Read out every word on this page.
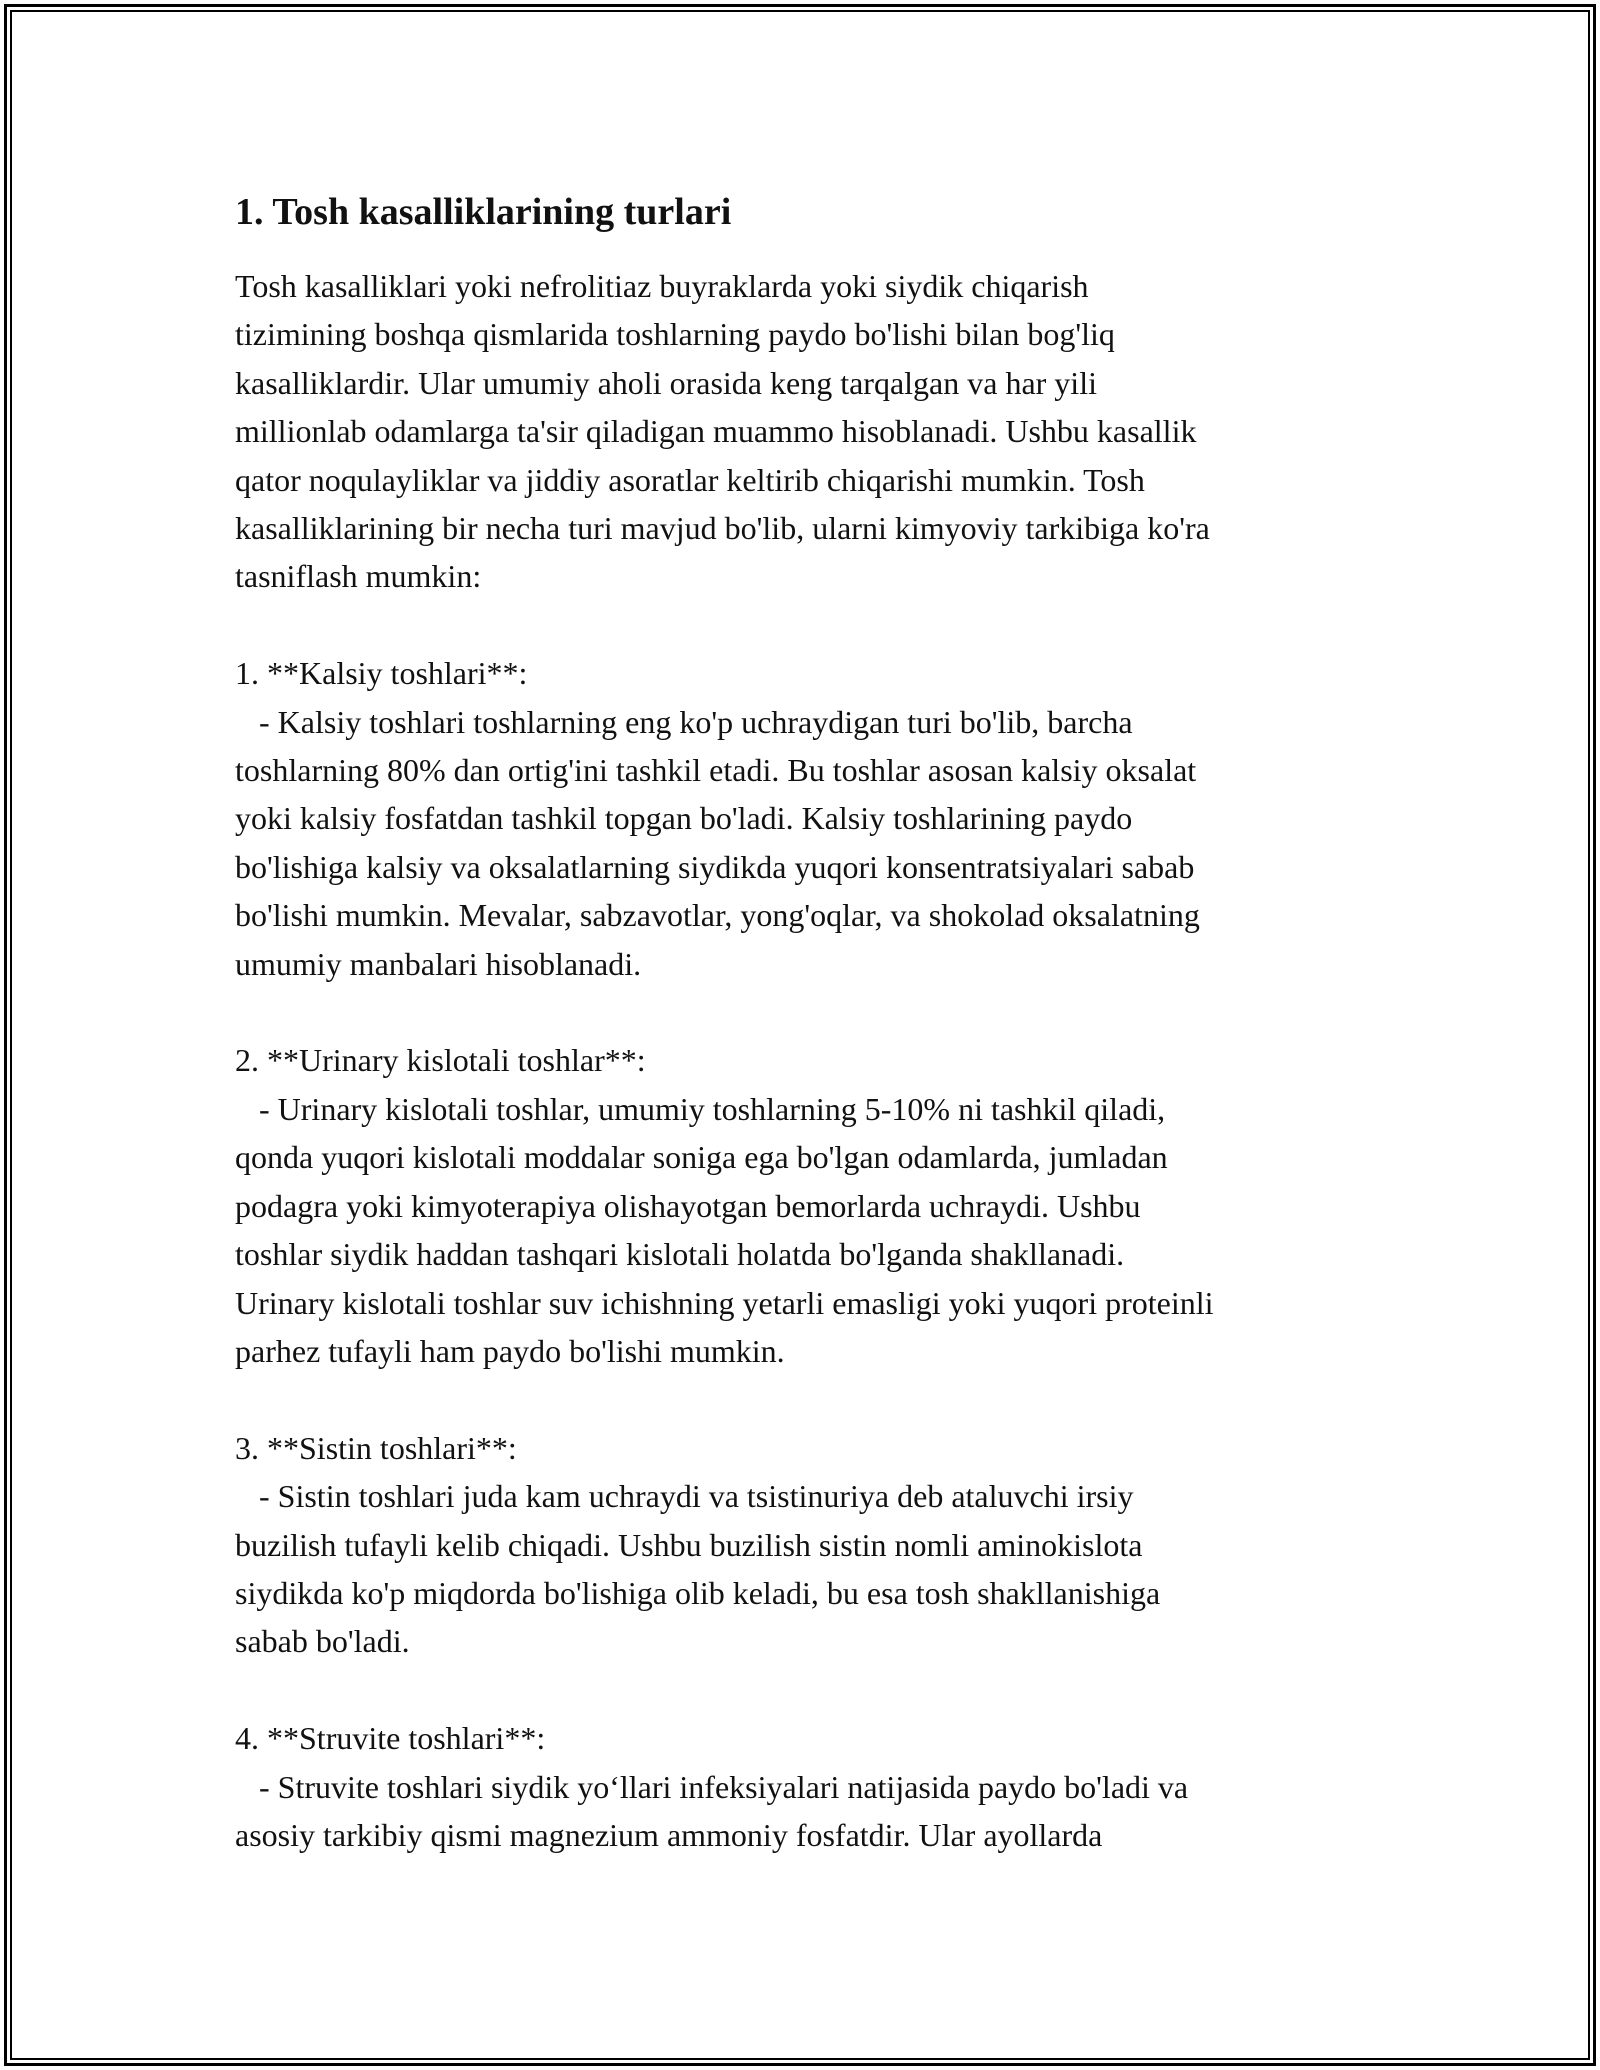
1. Tosh kasalliklarining turlari

Tosh kasalliklari yoki nefrolitiaz buyraklarda yoki siydik chiqarish
tizimining boshqa qismlarida toshlarning paydo bo'lishi bilan bog'liq
kasalliklardir. Ular umumiy aholi orasida keng tarqalgan va har yili
millionlab odamlarga ta'sir qiladigan muammo hisoblanadi. Ushbu kasallik
qator noqulayliklar va jiddiy asoratlar keltirib chiqarishi mumkin. Tosh
kasalliklarining bir necha turi mavjud bo'lib, ularni kimyoviy tarkibiga ko'ra
tasniflash mumkin:

1. **Kalsiy toshlari**:

- Kalsiy toshlari toshlarning eng ko'p uchraydigan turi bo'lib, barcha
toshlarning 80% dan ortig'ini tashkil etadi. Bu toshlar asosan kalsiy oksalat
yoki kalsiy fosfatdan tashkil topgan bo'ladi. Kalsiy toshlarining paydo
bo'lishiga kalsiy va oksalatlarning siydikda yuqori konsentratsiyalari sabab
bo'lishi mumkin. Mevalar, sabzavotlar, yong'oqlar, va shokolad oksalatning
umumiy manbalari hisoblanadi.

2. **Urinary kislotali toshlar**:

- Urinary kislotali toshlar, umumiy toshlarning 5-10% ni tashkil qiladi,
qonda yuqori kislotali moddalar soniga ega bo'lgan odamlarda, jumladan
podagra yoki kimyoterapiya olishayotgan bemorlarda uchraydi. Ushbu
toshlar siydik haddan tashqari kislotali holatda bo'lganda shakllanadi.
Urinary kislotali toshlar suv ichishning yetarli emasligi yoki yuqori proteinli
parhez tufayli ham paydo bo'lishi mumkin.

3. **Sistin toshlari**:

- Sistin toshlari juda kam uchraydi va tsistinuriya deb ataluvchi irsiy
buzilish tufayli kelib chiqadi. Ushbu buzilish sistin nomli aminokislota
siydikda ko'p miqdorda bo'lishiga olib keladi, bu esa tosh shakllanishiga
sabab bo'ladi.

4. **Struvite toshlari**:

- Struvite toshlari siydik yo‘llari infeksiyalari natijasida paydo bo'ladi va
asosiy tarkibiy qismi magnezium ammoniy fosfatdir. Ular ayollarda
